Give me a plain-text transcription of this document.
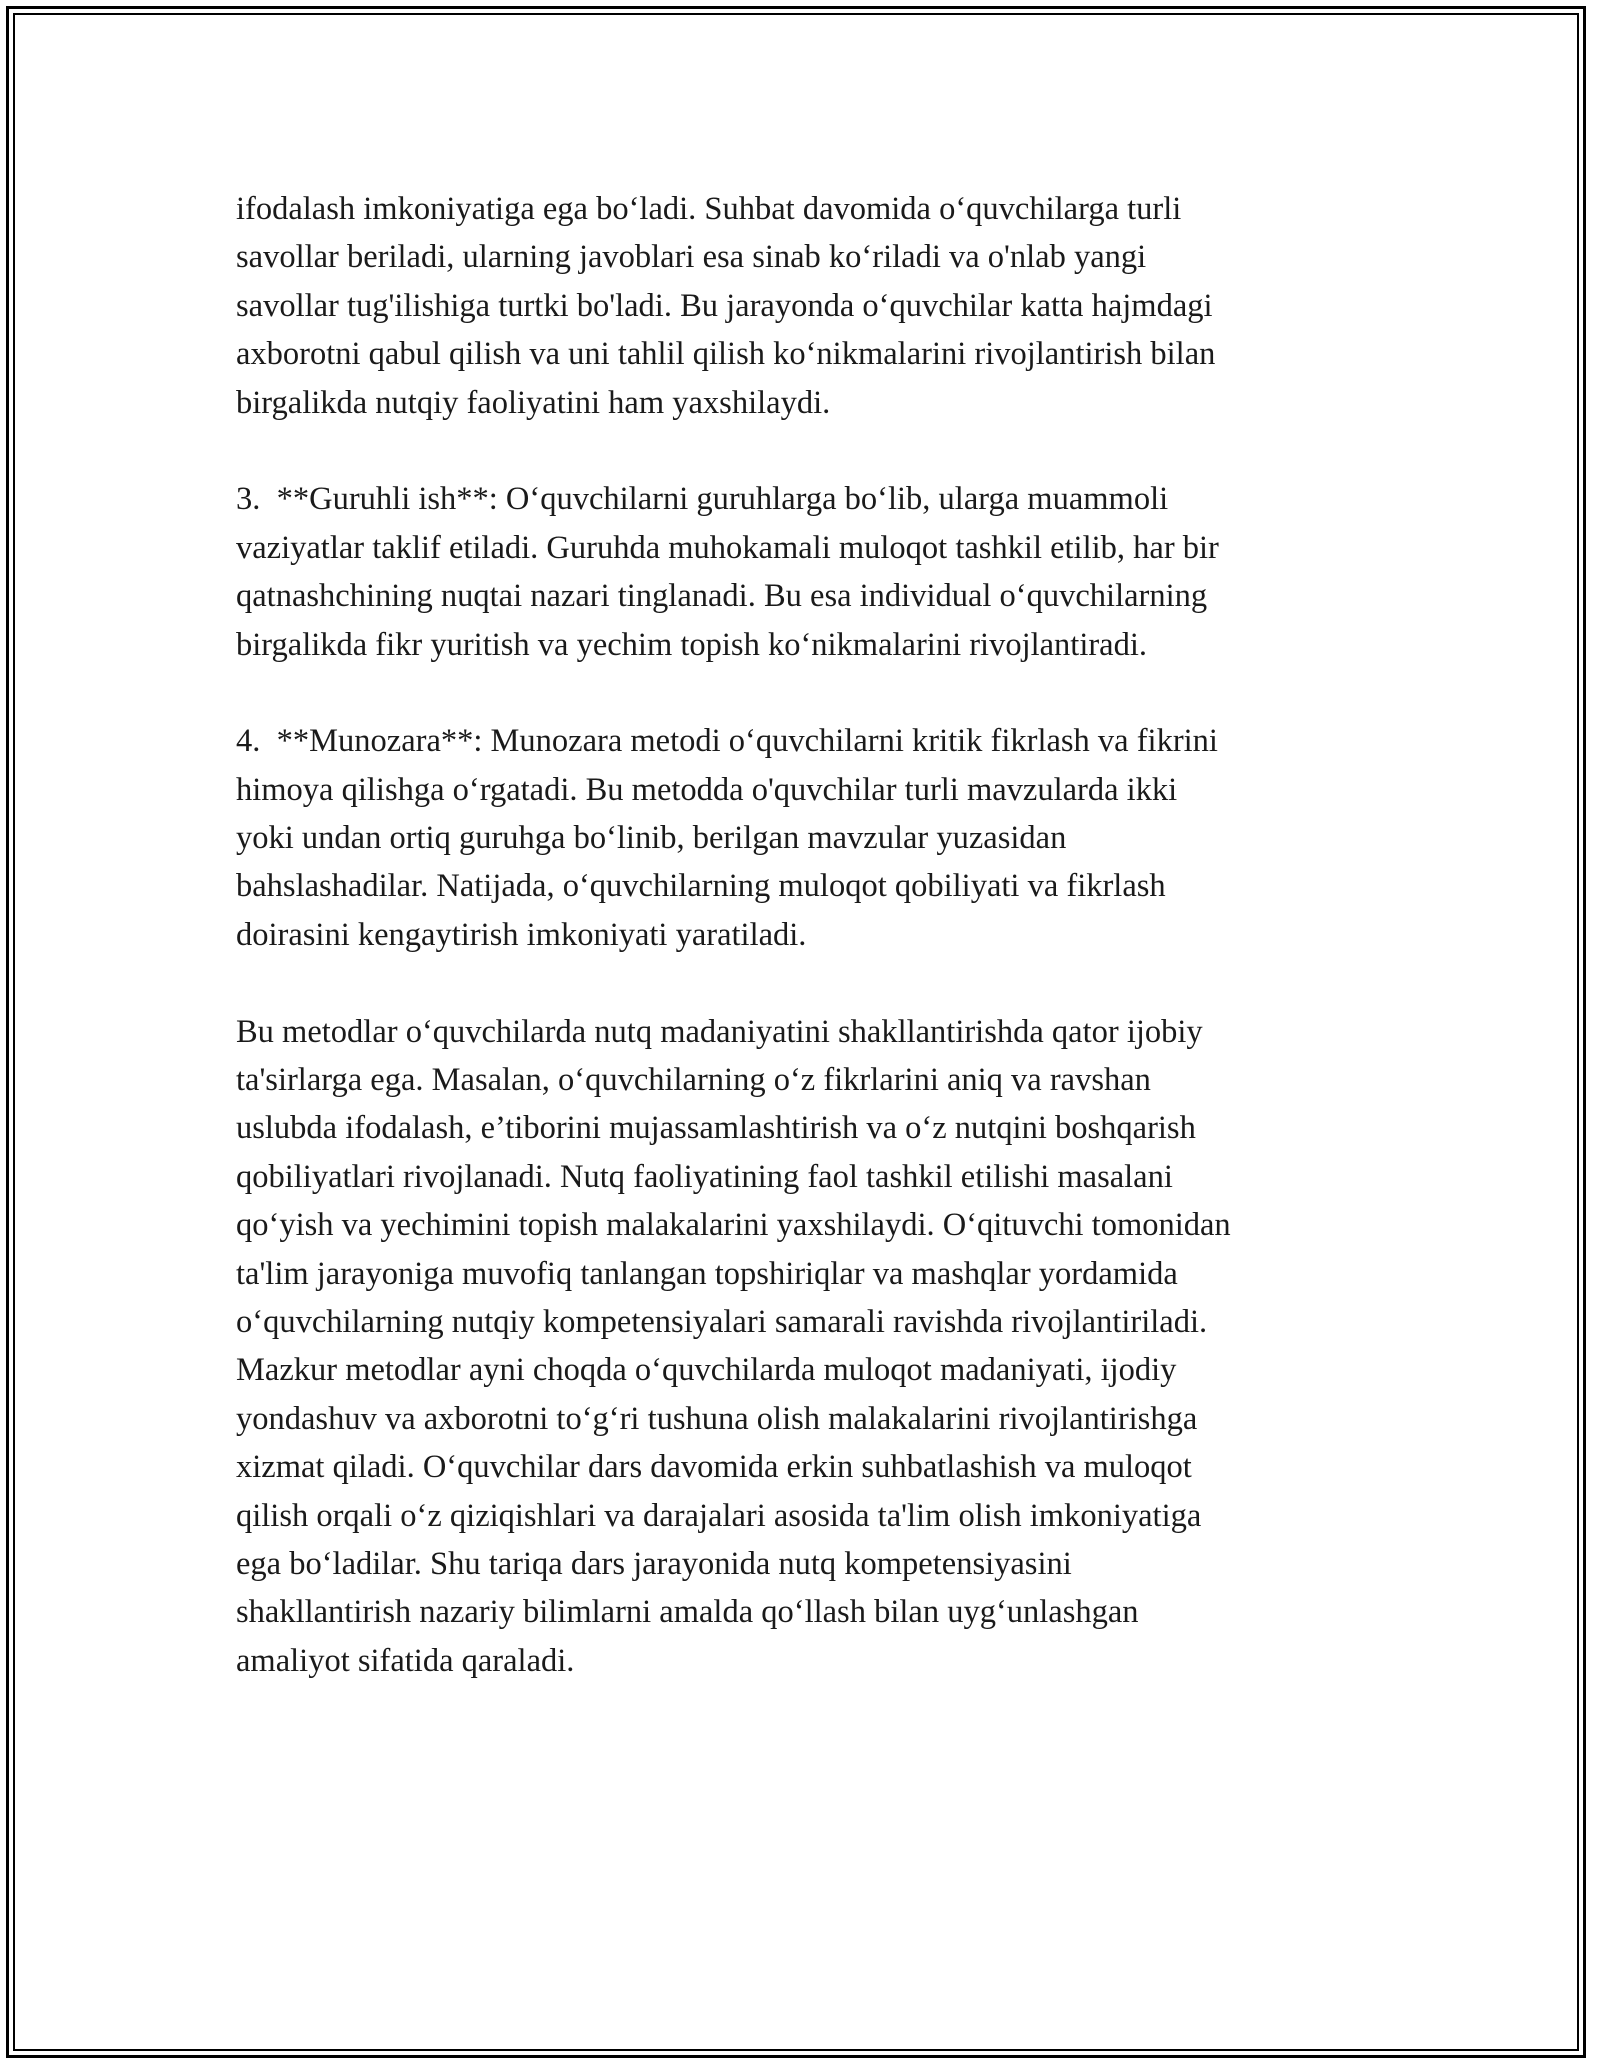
ifodalash imkoniyatiga ega boʻladi. Suhbat davomida oʻquvchilarga turli
savollar beriladi, ularning javoblari esa sinab koʻriladi va o'nlab yangi
savollar tug'ilishiga turtki bo'ladi. Bu jarayonda oʻquvchilar katta hajmdagi
axborotni qabul qilish va uni tahlil qilish koʻnikmalarini rivojlantirish bilan
birgalikda nutqiy faoliyatini ham yaxshilaydi.
3.  **Guruhli ish**: Oʻquvchilarni guruhlarga boʻlib, ularga muammoli
vaziyatlar taklif etiladi. Guruhda muhokamali muloqot tashkil etilib, har bir
qatnashchining nuqtai nazari tinglanadi. Bu esa individual oʻquvchilarning
birgalikda fikr yuritish va yechim topish koʻnikmalarini rivojlantiradi.
4.  **Munozara**: Munozara metodi oʻquvchilarni kritik fikrlash va fikrini
himoya qilishga oʻrgatadi. Bu metodda o'quvchilar turli mavzularda ikki
yoki undan ortiq guruhga boʻlinib, berilgan mavzular yuzasidan
bahslashadilar. Natijada, oʻquvchilarning muloqot qobiliyati va fikrlash
doirasini kengaytirish imkoniyati yaratiladi.
Bu metodlar oʻquvchilarda nutq madaniyatini shakllantirishda qator ijobiy
ta'sirlarga ega. Masalan, oʻquvchilarning oʻz fikrlarini aniq va ravshan
uslubda ifodalash, e’tiborini mujassamlashtirish va oʻz nutqini boshqarish
qobiliyatlari rivojlanadi. Nutq faoliyatining faol tashkil etilishi masalani
qoʻyish va yechimini topish malakalarini yaxshilaydi. Oʻqituvchi tomonidan
ta'lim jarayoniga muvofiq tanlangan topshiriqlar va mashqlar yordamida
oʻquvchilarning nutqiy kompetensiyalari samarali ravishda rivojlantiriladi.
Mazkur metodlar ayni choqda oʻquvchilarda muloqot madaniyati, ijodiy
yondashuv va axborotni toʻgʻri tushuna olish malakalarini rivojlantirishga
xizmat qiladi. Oʻquvchilar dars davomida erkin suhbatlashish va muloqot
qilish orqali oʻz qiziqishlari va darajalari asosida ta'lim olish imkoniyatiga
ega boʻladilar. Shu tariqa dars jarayonida nutq kompetensiyasini
shakllantirish nazariy bilimlarni amalda qoʻllash bilan uygʻunlashgan
amaliyot sifatida qaraladi.
